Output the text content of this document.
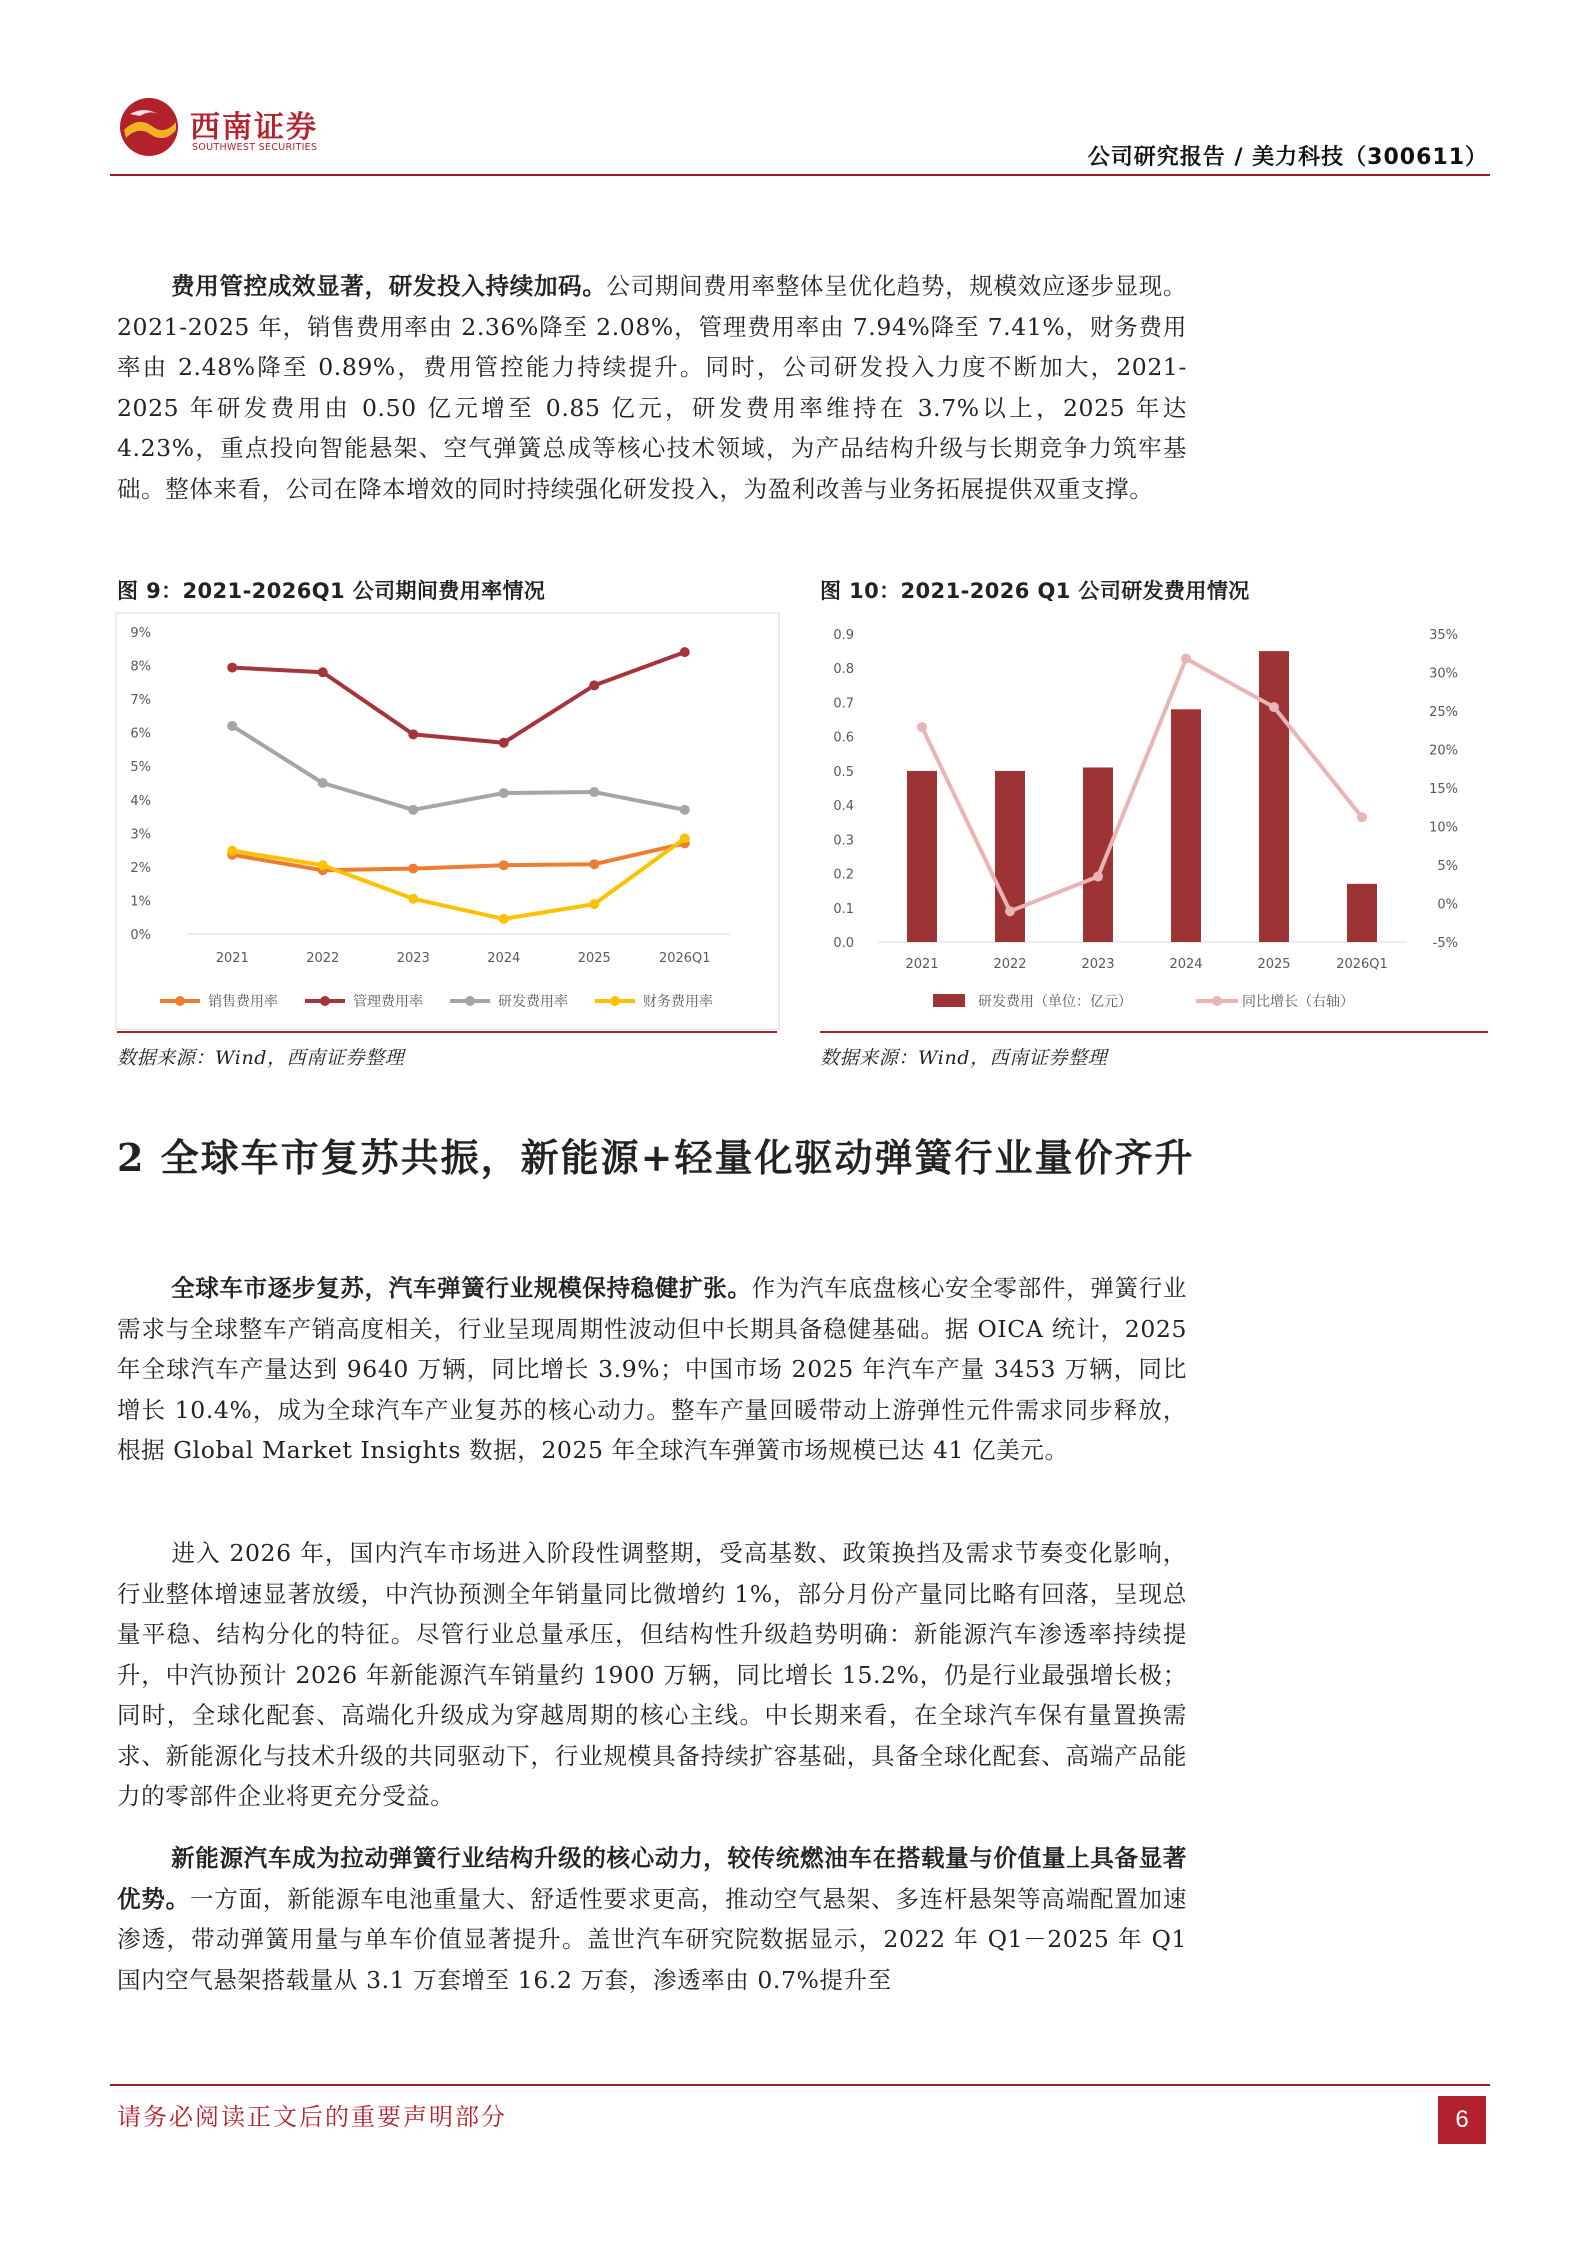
西南证券
SOUTHWEST SECURITIES	公司研究报告 / 美力科技（300611）
费用管控成效显著，研发投入持续加码。公司期间费用率整体呈优化趋势，规模效应逐步显现。2021-2025 年，销售费用率由 2.36%降至 2.08%，管理费用率由 7.94%降至 7.41%，财务费用率由 2.48%降至 0.89%，费用管控能力持续提升。同时，公司研发投入力度不断加大，2021-2025 年研发费用由 0.50 亿元增至 0.85 亿元，研发费用率维持在 3.7%以上，2025 年达 4.23%，重点投向智能悬架、空气弹簧总成等核心技术领域，为产品结构升级与长期竞争力筑牢基础。整体来看，公司在降本增效的同时持续强化研发投入，为盈利改善与业务拓展提供双重支撑。
图 9：2021-2026Q1 公司期间费用率情况
0%
1%
2%
3%
4%
5%
6%
7%
8%
9%
2021	2022	2023	2024	2025	2026Q1
销售费用率	管理费用率	研发费用率	财务费用率
数据来源：Wind，西南证券整理
图 10：2021-2026 Q1 公司研发费用情况
0.0
0.1
0.2
0.3
0.4
0.5
0.6
0.7
0.8
0.9
-5%
0%
5%
10%
15%
20%
25%
30%
35%
2021	2022	2023	2024	2025	2026Q1
研发费用（单位：亿元）	同比增长（右轴）
数据来源：Wind，西南证券整理
2 全球车市复苏共振，新能源+轻量化驱动弹簧行业量价齐升
全球车市逐步复苏，汽车弹簧行业规模保持稳健扩张。作为汽车底盘核心安全零部件，弹簧行业需求与全球整车产销高度相关，行业呈现周期性波动但中长期具备稳健基础。据 OICA 统计，2025 年全球汽车产量达到 9640 万辆，同比增长 3.9%；中国市场 2025 年汽车产量 3453 万辆，同比增长 10.4%，成为全球汽车产业复苏的核心动力。整车产量回暖带动上游弹性元件需求同步释放，根据 Global Market Insights 数据，2025 年全球汽车弹簧市场规模已达 41 亿美元。
进入 2026 年，国内汽车市场进入阶段性调整期，受高基数、政策换挡及需求节奏变化影响，行业整体增速显著放缓，中汽协预测全年销量同比微增约 1%，部分月份产量同比略有回落，呈现总量平稳、结构分化的特征。尽管行业总量承压，但结构性升级趋势明确：新能源汽车渗透率持续提升，中汽协预计 2026 年新能源汽车销量约 1900 万辆，同比增长 15.2%，仍是行业最强增长极；同时，全球化配套、高端化升级成为穿越周期的核心主线。中长期来看，在全球汽车保有量置换需求、新能源化与技术升级的共同驱动下，行业规模具备持续扩容基础，具备全球化配套、高端产品能力的零部件企业将更充分受益。
新能源汽车成为拉动弹簧行业结构升级的核心动力，较传统燃油车在搭载量与价值量上具备显著优势。一方面，新能源车电池重量大、舒适性要求更高，推动空气悬架、多连杆悬架等高端配置加速渗透，带动弹簧用量与单车价值显著提升。盖世汽车研究院数据显示，2022 年 Q1－2025 年 Q1 国内空气悬架搭载量从 3.1 万套增至 16.2 万套，渗透率由 0.7%提升至
请务必阅读正文后的重要声明部分	6
